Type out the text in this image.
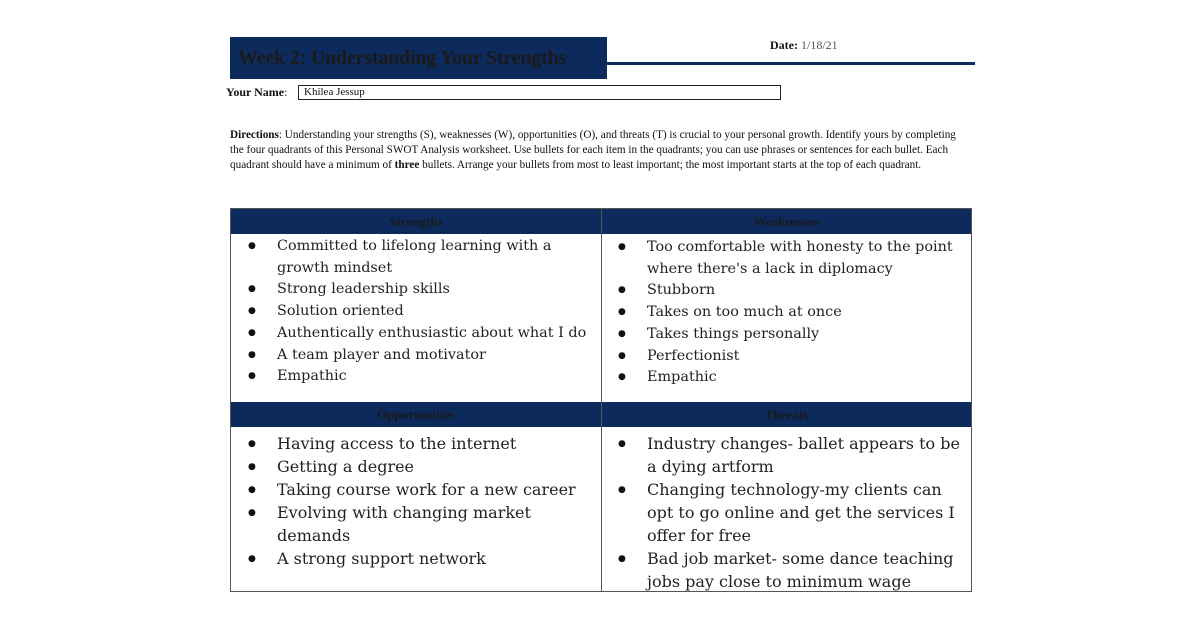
Week 2: Understanding Your Strengths
Date: 1/18/21
Your Name:
Khilea Jessup
Directions: Understanding your strengths (S), weaknesses (W), opportunities (O), and threats (T) is crucial to your personal growth. Identify yours by completing the four quadrants of this Personal SWOT Analysis worksheet. Use bullets for each item in the quadrants; you can use phrases or sentences for each bullet. Each quadrant should have a minimum of three bullets. Arrange your bullets from most to least important; the most important starts at the top of each quadrant.
Strengths	Weaknesses
Opportunities	Threats
● Committed to lifelong learning with a growth mindset
● Strong leadership skills
● Solution oriented
● Authentically enthusiastic about what I do
● A team player and motivator
● Empathic
● Too comfortable with honesty to the point where there's a lack in diplomacy
● Stubborn
● Takes on too much at once
● Takes things personally
● Perfectionist
● Empathic
● Having access to the internet
● Getting a degree
● Taking course work for a new career
● Evolving with changing market demands
● A strong support network
● Industry changes- ballet appears to be a dying artform
● Changing technology-my clients can opt to go online and get the services I offer for free
● Bad job market- some dance teaching jobs pay close to minimum wage
